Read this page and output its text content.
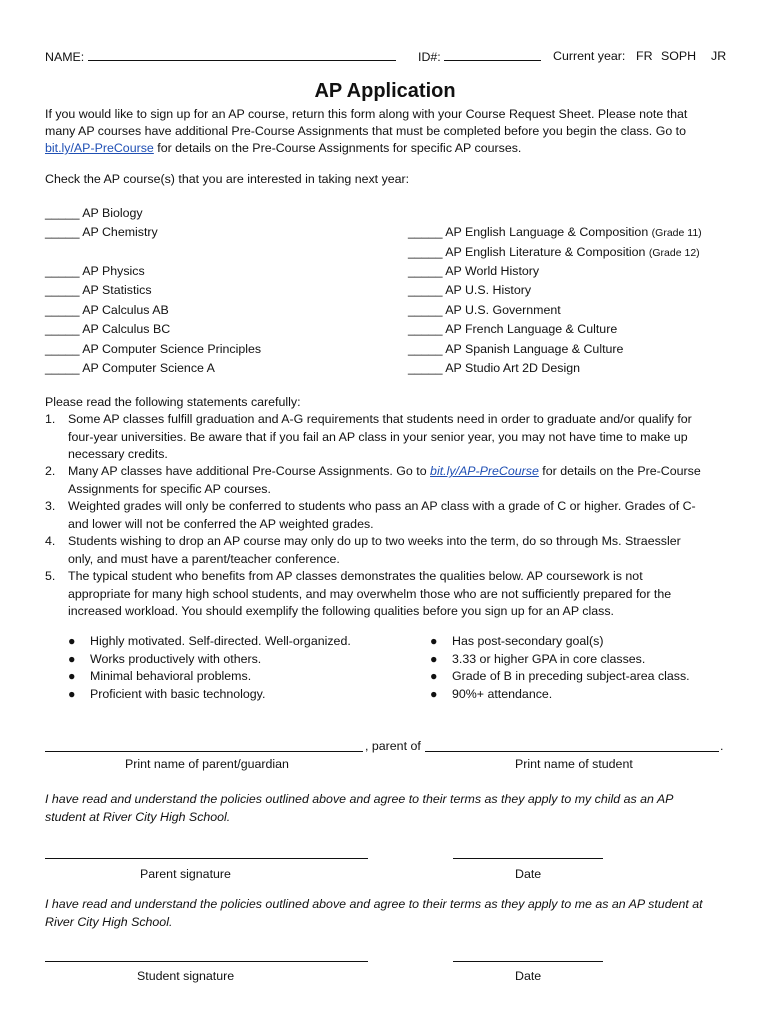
NAME:	ID#:	Current year: FR SOPH JR
AP Application
If you would like to sign up for an AP course, return this form along with your Course Request Sheet. Please note that
many AP courses have additional Pre-Course Assignments that must be completed before you begin the class. Go to
bit.ly/AP-PreCourse for details on the Pre-Course Assignments for specific AP courses.
Check the AP course(s) that you are interested in taking next year:
_____ AP Biology
_____ AP Chemistry
_____ AP Physics
_____ AP Statistics
_____ AP Calculus AB
_____ AP Calculus BC
_____ AP Computer Science Principles
_____ AP Computer Science A
_____ AP English Language & Composition (Grade 11)
_____ AP English Literature & Composition (Grade 12)
_____ AP World History
_____ AP U.S. History
_____ AP U.S. Government
_____ AP French Language & Culture
_____ AP Spanish Language & Culture
_____ AP Studio Art 2D Design
Please read the following statements carefully:
1. Some AP classes fulfill graduation and A-G requirements that students need in order to graduate and/or qualify for
four-year universities. Be aware that if you fail an AP class in your senior year, you may not have time to make up
necessary credits.
2. Many AP classes have additional Pre-Course Assignments. Go to bit.ly/AP-PreCourse for details on the Pre-Course
Assignments for specific AP courses.
3. Weighted grades will only be conferred to students who pass an AP class with a grade of C or higher. Grades of C-
and lower will not be conferred the AP weighted grades.
4. Students wishing to drop an AP course may only do up to two weeks into the term, do so through Ms. Straessler
only, and must have a parent/teacher conference.
5. The typical student who benefits from AP classes demonstrates the qualities below. AP coursework is not
appropriate for many high school students, and may overwhelm those who are not sufficiently prepared for the
increased workload. You should exemplify the following qualities before you sign up for an AP class.
● Highly motivated. Self-directed. Well-organized.
● Works productively with others.
● Minimal behavioral problems.
● Proficient with basic technology.
● Has post-secondary goal(s)
● 3.33 or higher GPA in core classes.
● Grade of B in preceding subject-area class.
● 90%+ attendance.
, parent of	.
Print name of parent/guardian	Print name of student
I have read and understand the policies outlined above and agree to their terms as they apply to my child as an AP
student at River City High School.
Parent signature	Date
I have read and understand the policies outlined above and agree to their terms as they apply to me as an AP student at
River City High School.
Student signature	Date
